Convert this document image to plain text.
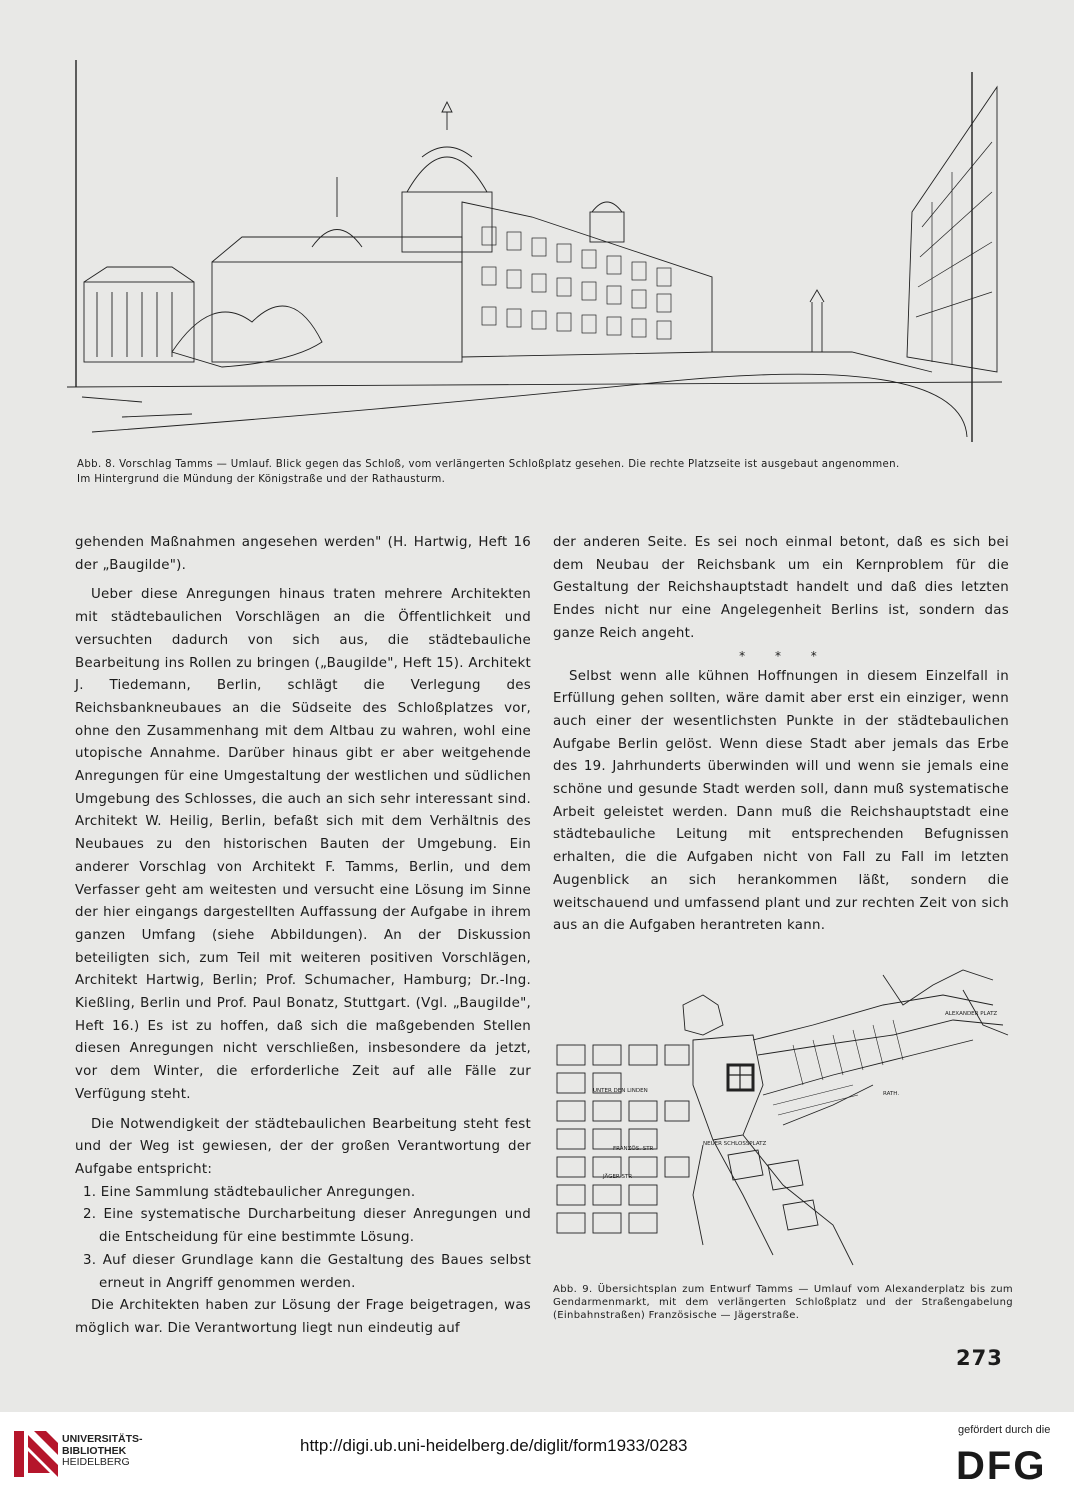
Abb. 8. Vorschlag Tamms — Umlauf. Blick gegen das Schloß, vom verlängerten Schloßplatz gesehen. Die rechte Platzseite ist ausgebaut angenommen.
Im Hintergrund die Mündung der Königstraße und der Rathausturm.

gehenden Maßnahmen angesehen werden" (H. Hartwig, Heft 16 der „Baugilde").

Ueber diese Anregungen hinaus traten mehrere Architekten mit städtebaulichen Vorschlägen an die Öffentlichkeit und versuchten dadurch von sich aus, die städtebauliche Bearbeitung ins Rollen zu bringen („Baugilde", Heft 15). Architekt J. Tiedemann, Berlin, schlägt die Verlegung des Reichsbankneubaues an die Südseite des Schloßplatzes vor, ohne den Zusammenhang mit dem Altbau zu wahren, wohl eine utopische Annahme. Darüber hinaus gibt er aber weitgehende Anregungen für eine Umgestaltung der westlichen und südlichen Umgebung des Schlosses, die auch an sich sehr interessant sind. Architekt W. Heilig, Berlin, befaßt sich mit dem Verhältnis des Neubaues zu den historischen Bauten der Umgebung. Ein anderer Vorschlag von Architekt F. Tamms, Berlin, und dem Verfasser geht am weitesten und versucht eine Lösung im Sinne der hier eingangs dargestellten Auffassung der Aufgabe in ihrem ganzen Umfang (siehe Abbildungen). An der Diskussion beteiligten sich, zum Teil mit weiteren positiven Vorschlägen, Architekt Hartwig, Berlin; Prof. Schumacher, Hamburg; Dr.-Ing. Kießling, Berlin und Prof. Paul Bonatz, Stuttgart. (Vgl. „Baugilde", Heft 16.) Es ist zu hoffen, daß sich die maßgebenden Stellen diesen Anregungen nicht verschließen, insbesondere da jetzt, vor dem Winter, die erforderliche Zeit auf alle Fälle zur Verfügung steht.

Die Notwendigkeit der städtebaulichen Bearbeitung steht fest und der Weg ist gewiesen, der der großen Verantwortung der Aufgabe entspricht:

1. Eine Sammlung städtebaulicher Anregungen.
2. Eine systematische Durcharbeitung dieser Anregungen und die Entscheidung für eine bestimmte Lösung.
3. Auf dieser Grundlage kann die Gestaltung des Baues selbst erneut in Angriff genommen werden.

Die Architekten haben zur Lösung der Frage beigetragen, was möglich war. Die Verantwortung liegt nun eindeutig auf

der anderen Seite. Es sei noch einmal betont, daß es sich bei dem Neubau der Reichsbank um ein Kernproblem für die Gestaltung der Reichshauptstadt handelt und daß dies letzten Endes nicht nur eine Angelegenheit Berlins ist, sondern das ganze Reich angeht.

* * *

Selbst wenn alle kühnen Hoffnungen in diesem Einzelfall in Erfüllung gehen sollten, wäre damit aber erst ein einziger, wenn auch einer der wesentlichsten Punkte in der städtebaulichen Aufgabe Berlin gelöst. Wenn diese Stadt aber jemals das Erbe des 19. Jahrhunderts überwinden will und wenn sie jemals eine schöne und gesunde Stadt werden soll, dann muß systematische Arbeit geleistet werden. Dann muß die Reichshauptstadt eine städtebauliche Leitung mit entsprechenden Befugnissen erhalten, die die Aufgaben nicht von Fall zu Fall im letzten Augenblick an sich herankommen läßt, sondern die weitschauend und umfassend plant und zur rechten Zeit von sich aus an die Aufgaben herantreten kann.

UNTER DEN LINDEN
ALEXANDER PLATZ
NEUER SCHLOSSPLATZ
JÄGER STR
FRANZÖS. STR
RATH.
Abb. 9. Übersichtsplan zum Entwurf Tamms — Umlauf vom Alexanderplatz bis zum Gendarmenmarkt, mit dem verlängerten Schloßplatz und der Straßengabelung (Einbahnstraßen) Französische — Jägerstraße.
273
UNIVERSITÄTS-
BIBLIOTHEK
HEIDELBERG
http://digi.ub.uni-heidelberg.de/diglit/form1933/0283
gefördert durch die
DFG
